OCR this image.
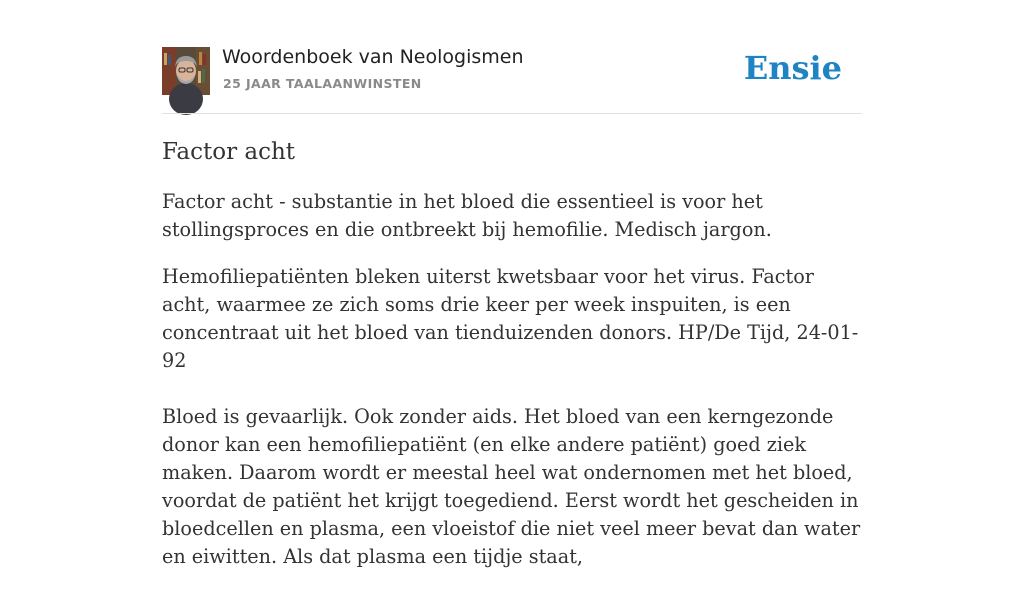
Woordenboek van Neologismen
25 JAAR TAALAANWINSTEN	Ensie
Factor acht

Factor acht - substantie in het bloed die essentieel is voor het stollingsproces en die ontbreekt bij hemofilie. Medisch jargon.

Hemofiliepatiënten bleken uiterst kwetsbaar voor het virus. Factor acht, waarmee ze zich soms drie keer per week inspuiten, is een concentraat uit het bloed van tienduizenden donors. HP/De Tijd, 24-01-92

Bloed is gevaarlijk. Ook zonder aids. Het bloed van een kerngezonde donor kan een hemofiliepatiënt (en elke andere patiënt) goed ziek maken. Daarom wordt er meestal heel wat ondernomen met het bloed, voordat de patiënt het krijgt toegediend. Eerst wordt het gescheiden in bloedcellen en plasma, een vloeistof die niet veel meer bevat dan water en eiwitten. Als dat plasma een tijdje staat,
